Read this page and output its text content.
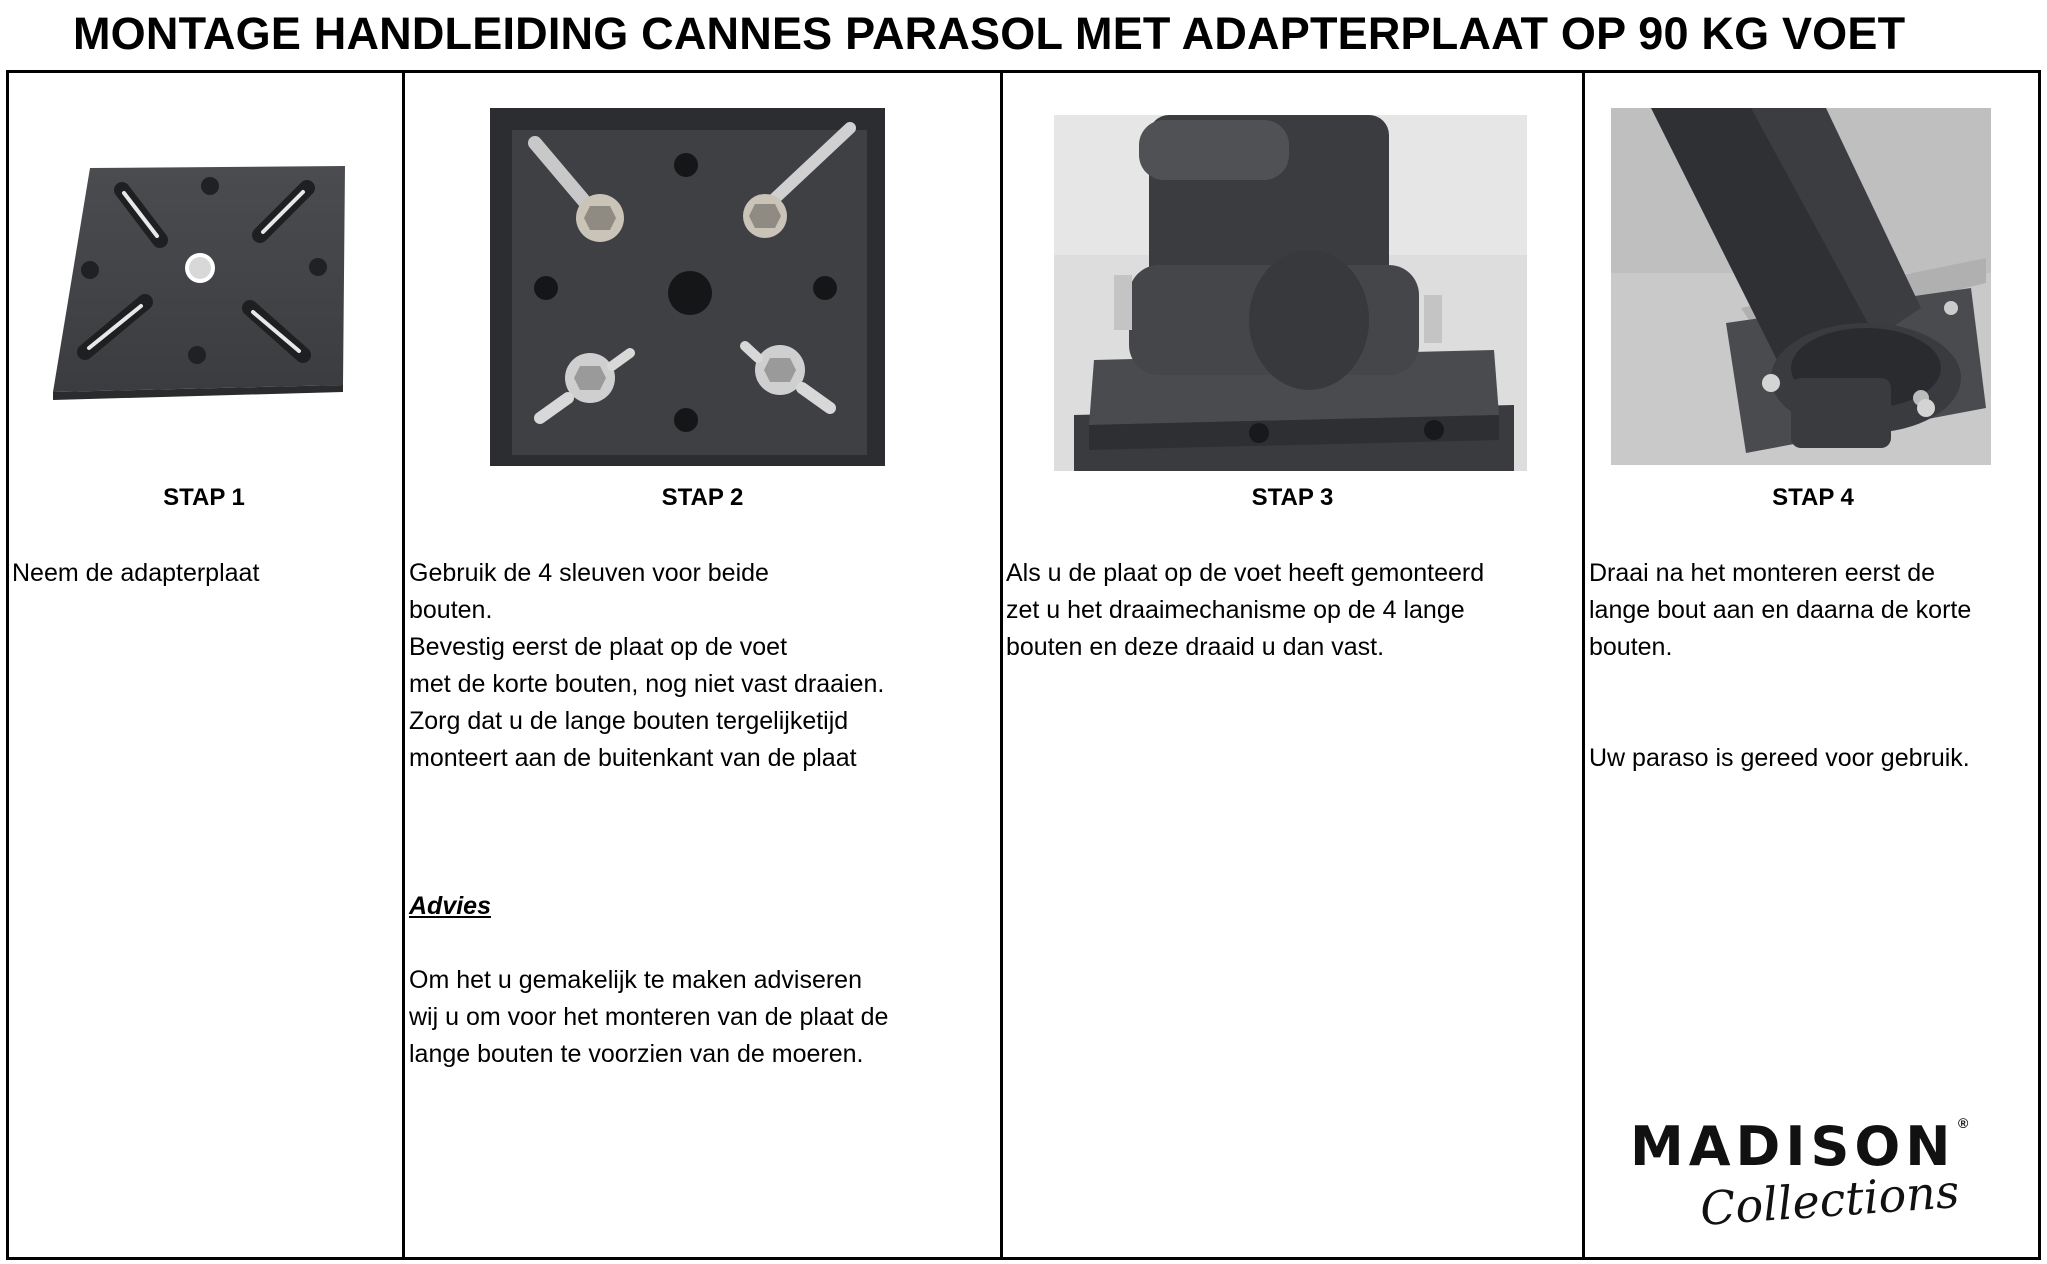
MONTAGE HANDLEIDING CANNES PARASOL MET ADAPTERPLAAT OP 90 KG VOET
STAP 1

Neem de adapterplaat

STAP 2

Gebruik de 4 sleuven voor beide

bouten.

Bevestig eerst de plaat op de voet

met de korte bouten, nog niet vast draaien.

Zorg dat u de lange bouten tergelijketijd

monteert aan de buitenkant van de plaat

Advies

Om het u gemakelijk te maken adviseren

wij u om voor het monteren van de plaat de

lange bouten te voorzien van de moeren.

STAP 3

Als u de plaat op de voet heeft gemonteerd

zet u het draaimechanisme op de 4 lange

bouten en deze draaid u dan vast.

STAP 4

Draai na het monteren eerst de

lange bout aan en daarna de korte

bouten.

Uw paraso is gereed voor gebruik.

MADISON ®
Collections
